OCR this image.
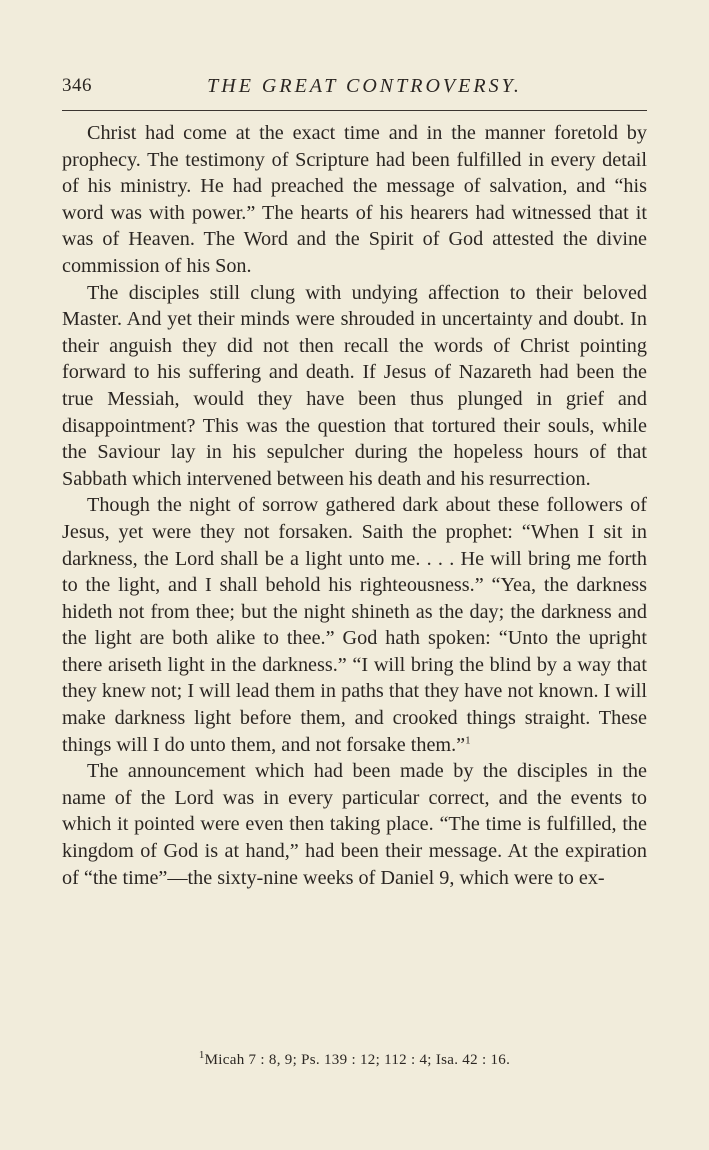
346	THE GREAT CONTROVERSY.

Christ had come at the exact time and in the manner foretold by prophecy. The testimony of Scripture had been fulfilled in every detail of his ministry. He had preached the message of salvation, and “his word was with power.” The hearts of his hearers had witnessed that it was of Heaven. The Word and the Spirit of God attested the divine commission of his Son.

The disciples still clung with undying affection to their beloved Master. And yet their minds were shrouded in uncertainty and doubt. In their anguish they did not then recall the words of Christ pointing forward to his suffering and death. If Jesus of Nazareth had been the true Messiah, would they have been thus plunged in grief and disappointment? This was the question that tortured their souls, while the Saviour lay in his sepulcher during the hopeless hours of that Sabbath which intervened between his death and his resurrection.

Though the night of sorrow gathered dark about these followers of Jesus, yet were they not forsaken. Saith the prophet: “When I sit in darkness, the Lord shall be a light unto me. . . . He will bring me forth to the light, and I shall behold his righteousness.” “Yea, the darkness hideth not from thee; but the night shineth as the day; the darkness and the light are both alike to thee.” God hath spoken: “Unto the upright there ariseth light in the darkness.” “I will bring the blind by a way that they knew not; I will lead them in paths that they have not known. I will make darkness light before them, and crooked things straight. These things will I do unto them, and not forsake them.”$^1$

The announcement which had been made by the disciples in the name of the Lord was in every particular correct, and the events to which it pointed were even then taking place. “The time is fulfilled, the kingdom of God is at hand,” had been their message. At the expiration of “the time”—the sixty-nine weeks of Daniel 9, which were to ex-

$^1$Micah 7 : 8, 9; Ps. 139 : 12; 112 : 4; Isa. 42 : 16.
